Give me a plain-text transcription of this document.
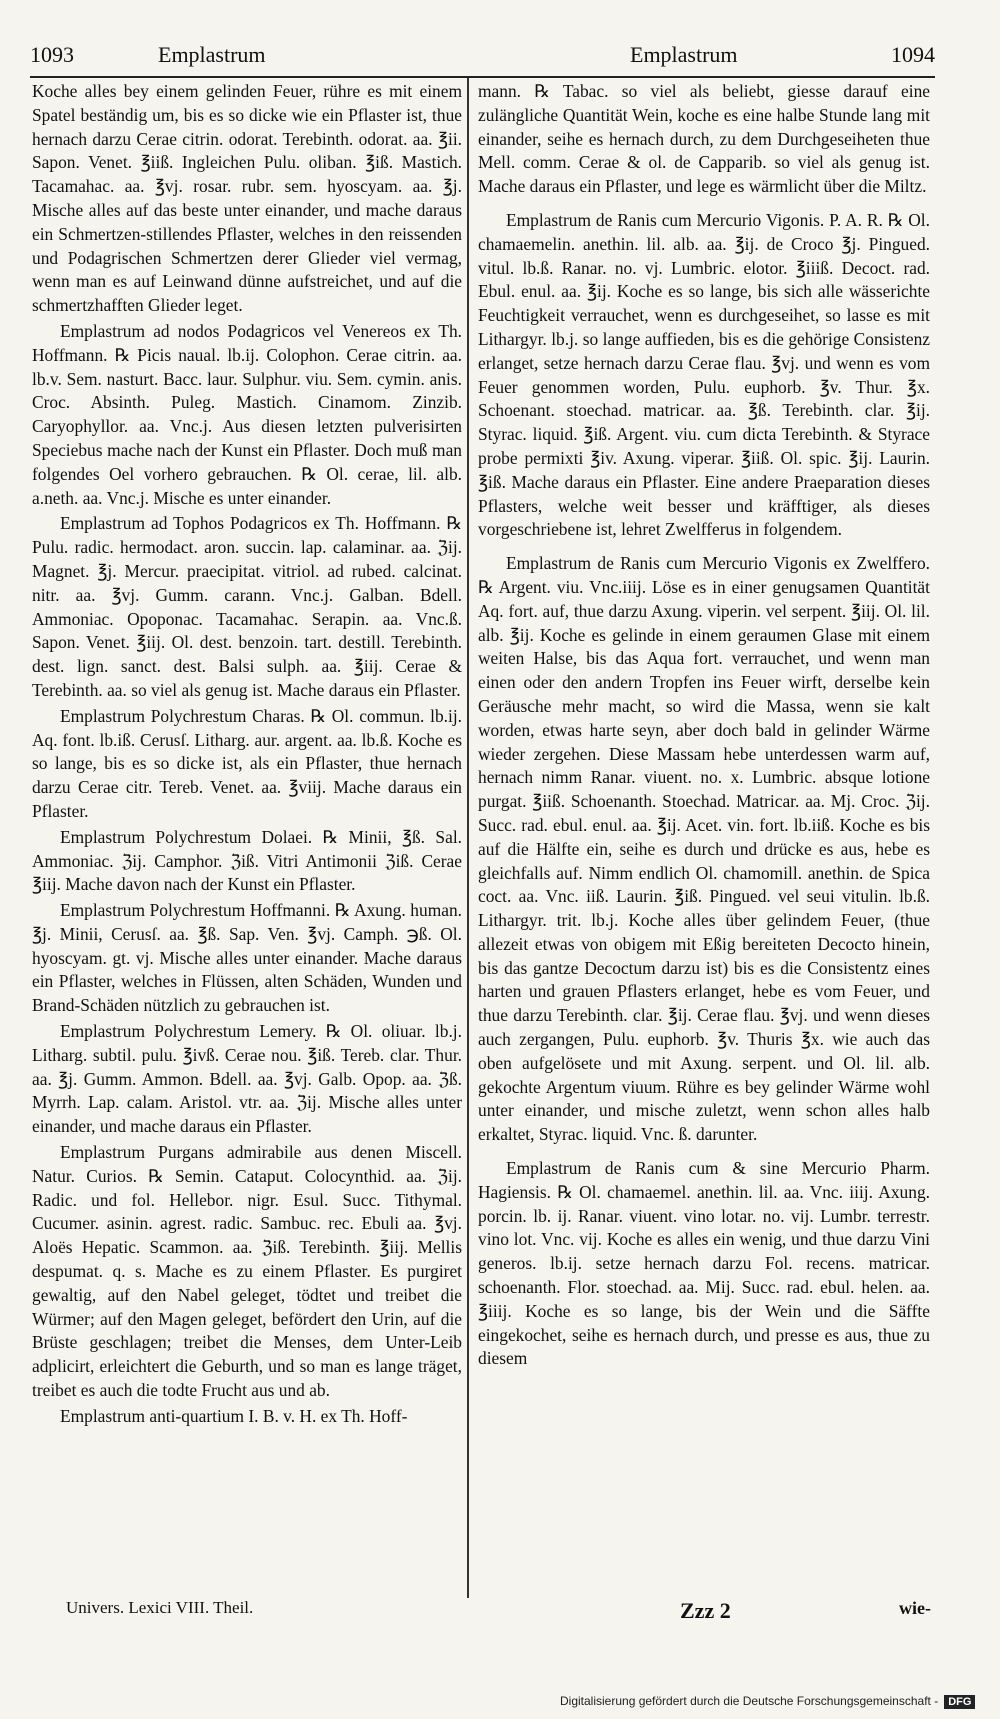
1093	Emplastrum	Emplastrum	1094

Koche alles bey einem gelinden Feuer, rühre es mit einem Spatel beständig um, bis es so dicke wie ein Pflaster ist, thue hernach darzu Cerae citrin. odorat. Terebinth. odorat. aa. ℥ii. Sapon. Venet. ℥iiß. Ingleichen Pulu. oliban. ℥iß. Mastich. Tacamahac. aa. ℥vj. rosar. rubr. sem. hyoscyam. aa. ℥j. Mische alles auf das beste unter einander, und mache daraus ein Schmertzen-stillendes Pflaster, welches in den reissenden und Podagrischen Schmertzen derer Glieder viel vermag, wenn man es auf Leinwand dünne aufstreichet, und auf die schmertzhafften Glieder leget.

Emplastrum ad nodos Podagricos vel Venereos ex Th. Hoffmann. ℞ Picis naual. lb.ij. Colophon. Cerae citrin. aa. lb.v. Sem. nasturt. Bacc. laur. Sulphur. viu. Sem. cymin. anis. Croc. Absinth. Puleg. Mastich. Cinamom. Zinzib. Caryophyllor. aa. Vnc.j. Aus diesen letzten pulverisirten Speciebus mache nach der Kunst ein Pflaster. Doch muß man folgendes Oel vorhero gebrauchen. ℞ Ol. cerae, lil. alb. a.neth. aa. Vnc.j. Mische es unter einander.

Emplastrum ad Tophos Podagricos ex Th. Hoffmann. ℞ Pulu. radic. hermodact. aron. succin. lap. calaminar. aa. ℨij. Magnet. ℥j. Mercur. praecipitat. vitriol. ad rubed. calcinat. nitr. aa. ℥vj. Gumm. carann. Vnc.j. Galban. Bdell. Ammoniac. Opoponac. Tacamahac. Serapin. aa. Vnc.ß. Sapon. Venet. ℥iij. Ol. dest. benzoin. tart. destill. Terebinth. dest. lign. sanct. dest. Balsi sulph. aa. ℥iij. Cerae & Terebinth. aa. so viel als genug ist. Mache daraus ein Pflaster.

Emplastrum Polychrestum Charas. ℞ Ol. commun. lb.ij. Aq. font. lb.iß. Cerusſ. Litharg. aur. argent. aa. lb.ß. Koche es so lange, bis es so dicke ist, als ein Pflaster, thue hernach darzu Cerae citr. Tereb. Venet. aa. ℥viij. Mache daraus ein Pflaster.

Emplastrum Polychrestum Dolaei. ℞ Minii, ℥ß. Sal. Ammoniac. ℨij. Camphor. ℨiß. Vitri Antimonii ℨiß. Cerae ℥iij. Mache davon nach der Kunst ein Pflaster.

Emplastrum Polychrestum Hoffmanni. ℞ Axung. human. ℥j. Minii, Cerusſ. aa. ℥ß. Sap. Ven. ℥vj. Camph. ℈ß. Ol. hyoscyam. gt. vj. Mische alles unter einander. Mache daraus ein Pflaster, welches in Flüssen, alten Schäden, Wunden und Brand-Schäden nützlich zu gebrauchen ist.

Emplastrum Polychrestum Lemery. ℞ Ol. oliuar. lb.j. Litharg. subtil. pulu. ℥ivß. Cerae nou. ℥iß. Tereb. clar. Thur. aa. ℥j. Gumm. Ammon. Bdell. aa. ℥vj. Galb. Opop. aa. ℨß. Myrrh. Lap. calam. Aristol. vtr. aa. ℨij. Mische alles unter einander, und mache daraus ein Pflaster.

Emplastrum Purgans admirabile aus denen Miscell. Natur. Curios. ℞ Semin. Cataput. Colocynthid. aa. ℨij. Radic. und fol. Hellebor. nigr. Esul. Succ. Tithymal. Cucumer. asinin. agrest. radic. Sambuc. rec. Ebuli aa. ℥vj. Aloës Hepatic. Scammon. aa. ℨiß. Terebinth. ℥iij. Mellis despumat. q. s. Mache es zu einem Pflaster. Es purgiret gewaltig, auf den Nabel geleget, tödtet und treibet die Würmer; auf den Magen geleget, befördert den Urin, auf die Brüste geschlagen; treibet die Menses, dem Unter-Leib adplicirt, erleichtert die Geburth, und so man es lange träget, treibet es auch die todte Frucht aus und ab.

Emplastrum anti-quartium I. B. v. H. ex Th. Hoff-

mann. ℞ Tabac. so viel als beliebt, giesse darauf eine zulängliche Quantität Wein, koche es eine halbe Stunde lang mit einander, seihe es hernach durch, zu dem Durchgeseiheten thue Mell. comm. Cerae & ol. de Capparib. so viel als genug ist. Mache daraus ein Pflaster, und lege es wärmlicht über die Miltz.

Emplastrum de Ranis cum Mercurio Vigonis. P. A. R. ℞ Ol. chamaemelin. anethin. lil. alb. aa. ℥ij. de Croco ℥j. Pingued. vitul. lb.ß. Ranar. no. vj. Lumbric. elotor. ℥iiiß. Decoct. rad. Ebul. enul. aa. ℥ij. Koche es so lange, bis sich alle wässerichte Feuchtigkeit verrauchet, wenn es durchgeseihet, so lasse es mit Lithargyr. lb.j. so lange auffieden, bis es die gehörige Consistenz erlanget, setze hernach darzu Cerae flau. ℥vj. und wenn es vom Feuer genommen worden, Pulu. euphorb. ℥v. Thur. ℥x. Schoenant. stoechad. matricar. aa. ℥ß. Terebinth. clar. ℥ij. Styrac. liquid. ℥iß. Argent. viu. cum dicta Terebinth. & Styrace probe permixti ℥iv. Axung. viperar. ℥iiß. Ol. spic. ℥ij. Laurin. ℥iß. Mache daraus ein Pflaster. Eine andere Praeparation dieses Pflasters, welche weit besser und kräfftiger, als dieses vorgeschriebene ist, lehret Zwelfferus in folgendem.

Emplastrum de Ranis cum Mercurio Vigonis ex Zwelffero. ℞ Argent. viu. Vnc.iiij. Löse es in einer genugsamen Quantität Aq. fort. auf, thue darzu Axung. viperin. vel serpent. ℥iij. Ol. lil. alb. ℥ij. Koche es gelinde in einem geraumen Glase mit einem weiten Halse, bis das Aqua fort. verrauchet, und wenn man einen oder den andern Tropfen ins Feuer wirft, derselbe kein Geräusche mehr macht, so wird die Massa, wenn sie kalt worden, etwas harte seyn, aber doch bald in gelinder Wärme wieder zergehen. Diese Massam hebe unterdessen warm auf, hernach nimm Ranar. viuent. no. x. Lumbric. absque lotione purgat. ℥iiß. Schoenanth. Stoechad. Matricar. aa. Mj. Croc. ℨij. Succ. rad. ebul. enul. aa. ℥ij. Acet. vin. fort. lb.iiß. Koche es bis auf die Hälfte ein, seihe es durch und drücke es aus, hebe es gleichfalls auf. Nimm endlich Ol. chamomill. anethin. de Spica coct. aa. Vnc. iiß. Laurin. ℥iß. Pingued. vel seui vitulin. lb.ß. Lithargyr. trit. lb.j. Koche alles über gelindem Feuer, (thue allezeit etwas von obigem mit Eßig bereiteten Decocto hinein, bis das gantze Decoctum darzu ist) bis es die Consistentz eines harten und grauen Pflasters erlanget, hebe es vom Feuer, und thue darzu Terebinth. clar. ℥ij. Cerae flau. ℥vj. und wenn dieses auch zergangen, Pulu. euphorb. ℥v. Thuris ℥x. wie auch das oben aufgelösete und mit Axung. serpent. und Ol. lil. alb. gekochte Argentum viuum. Rühre es bey gelinder Wärme wohl unter einander, und mische zuletzt, wenn schon alles halb erkaltet, Styrac. liquid. Vnc. ß. darunter.

Emplastrum de Ranis cum & sine Mercurio Pharm. Hagiensis. ℞ Ol. chamaemel. anethin. lil. aa. Vnc. iiij. Axung. porcin. lb. ij. Ranar. viuent. vino lotar. no. vij. Lumbr. terrestr. vino lot. Vnc. vij. Koche es alles ein wenig, und thue darzu Vini generos. lb.ij. setze hernach darzu Fol. recens. matricar. schoenanth. Flor. stoechad. aa. Mij. Succ. rad. ebul. helen. aa. ℥iiij. Koche es so lange, bis der Wein und die Säffte eingekochet, seihe es hernach durch, und presse es aus, thue zu diesem

Univers. Lexici VIII. Theil.	Zzz 2	wie-
Digitalisierung gefördert durch die Deutsche Forschungsgemeinschaft - DFG
